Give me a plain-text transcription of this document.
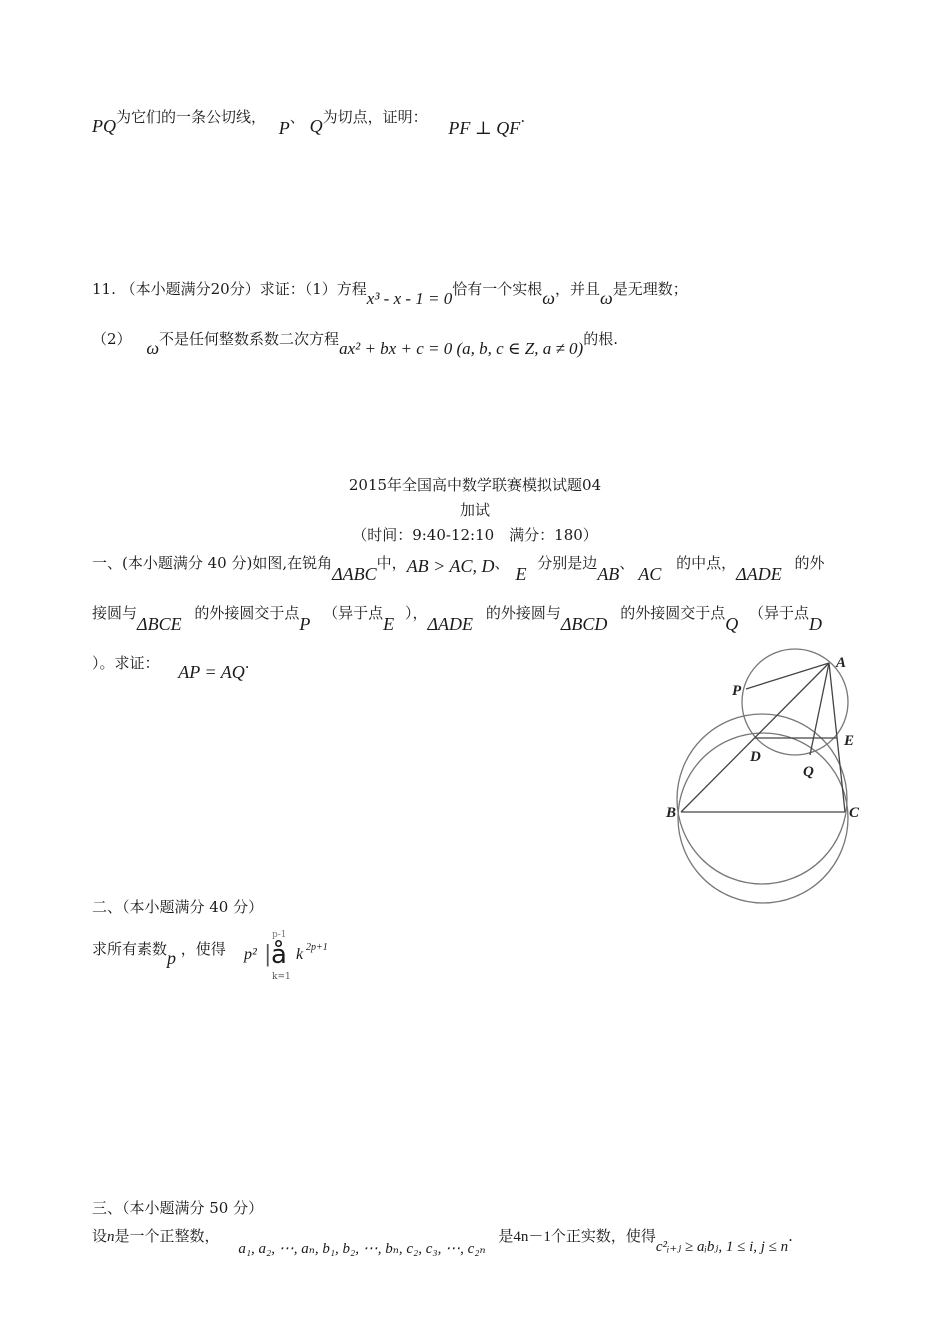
PQ为它们的一条公切线， P、 Q为切点，证明： PF ⊥ QF.
11. （本小题满分20分）求证：（1）方程x³ - x - 1 = 0恰有一个实根ω，并且ω是无理数；
（2） ω不是任何整数系数二次方程ax² + bx + c = 0 (a, b, c ∈ Z, a ≠ 0)的根.
2015年全国高中数学联赛模拟试题04
加试
（时间：9:40-12:10　满分：180）
一、(本小题满分 40 分)如图,在锐角ΔABC中，AB > AC, D、E 分别是边AB、AC 的中点，ΔADE 的外
接圆与ΔBCE 的外接圆交于点P （异于点E ），ΔADE 的外接圆与ΔBCD 的外接圆交于点Q （异于点D
）。求证： AP = AQ.	A
P
D
E
Q
B	C
二、（本小题满分 40 分）
求所有素数p ，使得 p² |
p-1
å
k=1
k 2p+1
三、（本小题满分 50 分）
设n是一个正整数， a₁, a₂, ⋯, aₙ, b₁, b₂, ⋯, bₙ, c₂, c₃, ⋯, c₂ₙ 是4n－1个正实数，使得c²ᵢ₊ⱼ ≥ aᵢbⱼ, 1 ≤ i, j ≤ n.
